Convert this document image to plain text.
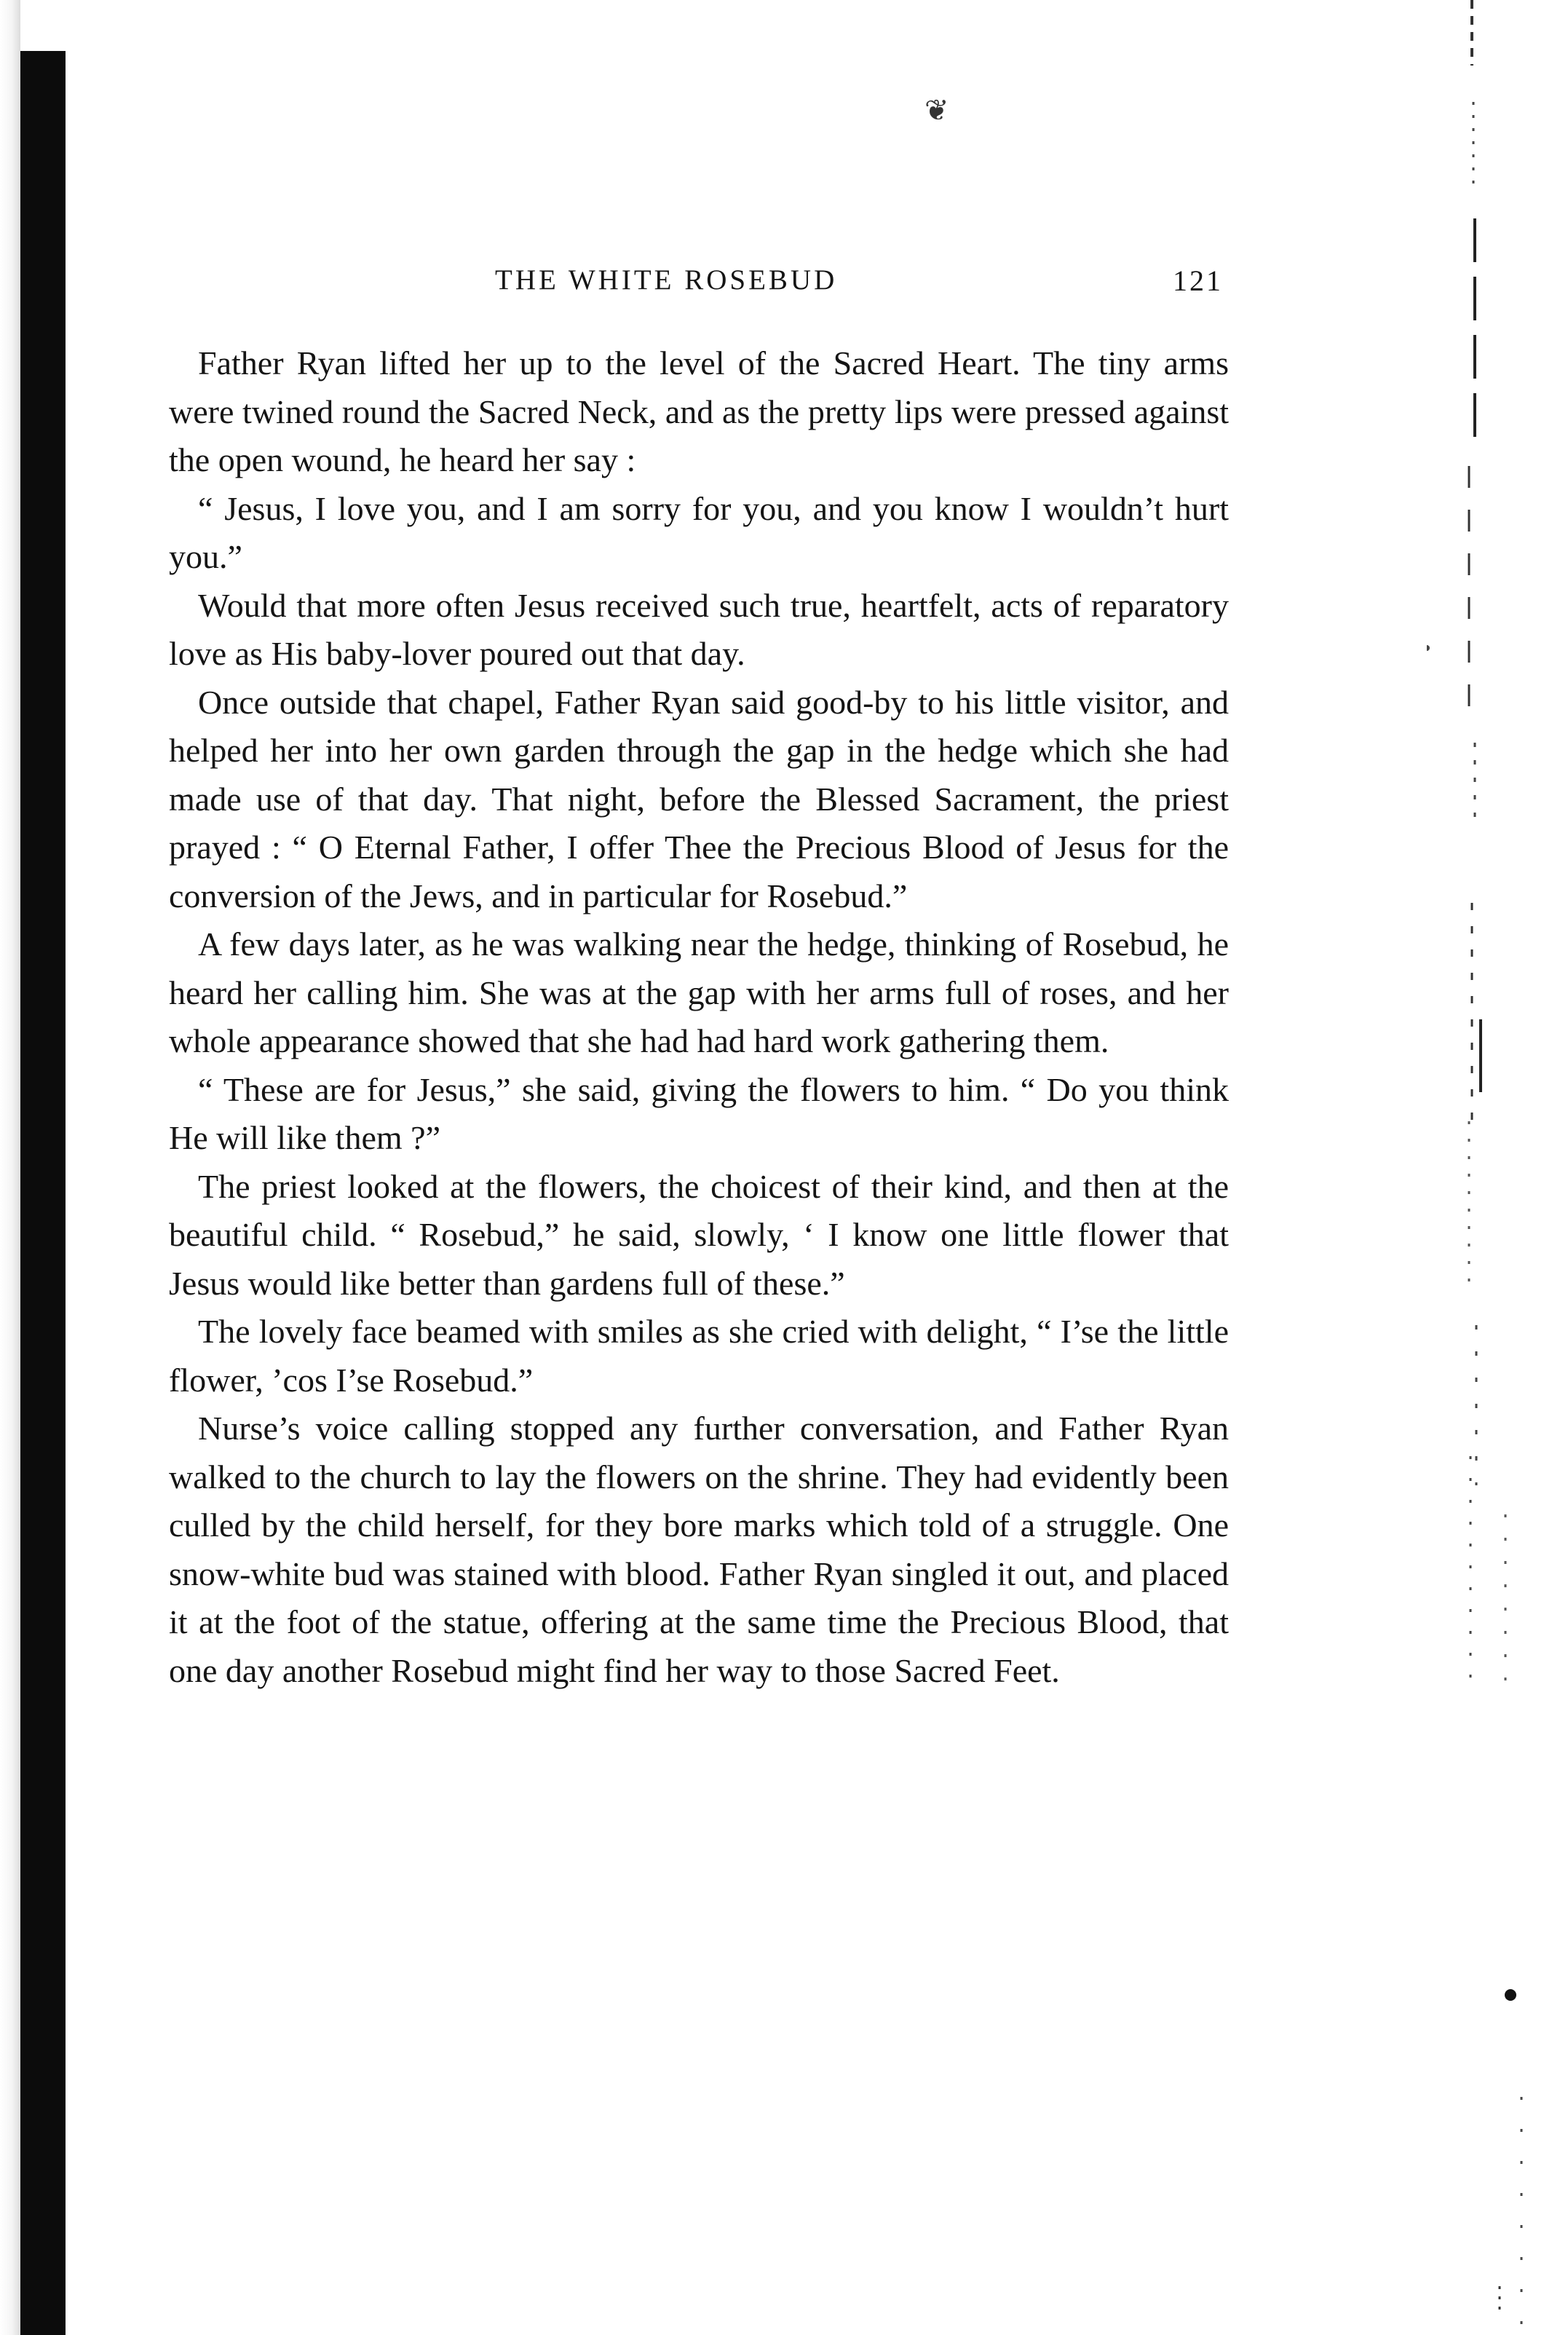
❦
THE WHITE ROSEBUD	121

Father Ryan lifted her up to the level of the Sacred Heart. The tiny arms were twined round the Sacred Neck, and as the pretty lips were pressed against the open wound, he heard her say :

“ Jesus, I love you, and I am sorry for you, and you know I wouldn’t hurt you.”

Would that more often Jesus received such true, heartfelt, acts of reparatory love as His baby-lover poured out that day.

Once outside that chapel, Father Ryan said good-by to his little visitor, and helped her into her own garden through the gap in the hedge which she had made use of that day. That night, before the Blessed Sacrament, the priest prayed : “ O Eternal Father, I offer Thee the Precious Blood of Jesus for the conversion of the Jews, and in particular for Rosebud.”

A few days later, as he was walking near the hedge, thinking of Rosebud, he heard her calling him. She was at the gap with her arms full of roses, and her whole appearance showed that she had had hard work gathering them.

“ These are for Jesus,” she said, giving the flowers to him. “ Do you think He will like them ?”

The priest looked at the flowers, the choicest of their kind, and then at the beautiful child. “ Rosebud,” he said, slowly, ‘ I know one little flower that Jesus would like better than gardens full of these.”

The lovely face beamed with smiles as she cried with delight, “ I’se the little flower, ’cos I’se Rosebud.”

Nurse’s voice calling stopped any further conversation, and Father Ryan walked to the church to lay the flowers on the shrine. They had evidently been culled by the child herself, for they bore marks which told of a struggle. One snow-white bud was stained with blood. Father Ryan singled it out, and placed it at the foot of the statue, offering at the same time the Precious Blood, that one day another Rosebud might find her way to those Sacred Feet.
